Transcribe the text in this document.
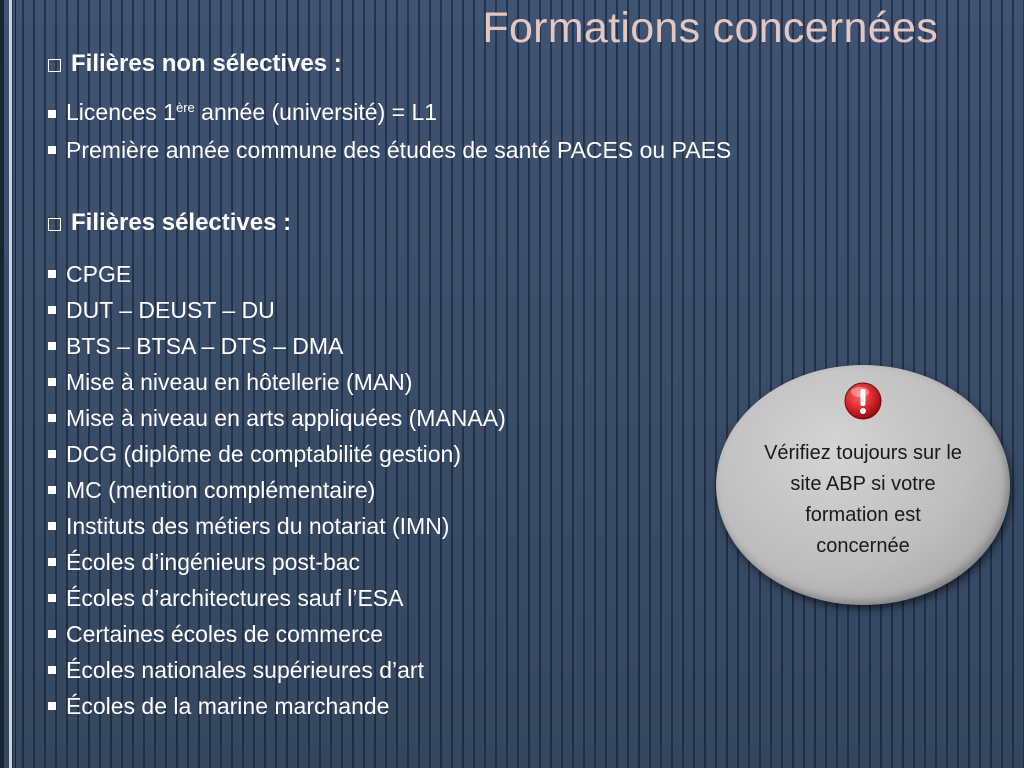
Formations concernées
Filières non sélectives :
Licences 1ère année (université) = L1
Première année commune des études de santé PACES ou PAES
Filières sélectives :
CPGE
DUT – DEUST – DU
BTS – BTSA – DTS – DMA
Mise à niveau en hôtellerie (MAN)
Mise à niveau en arts appliquées (MANAA)
DCG (diplôme de comptabilité gestion)
MC (mention complémentaire)
Instituts des métiers du notariat (IMN)
Écoles d’ingénieurs post-bac
Écoles d’architectures sauf l’ESA
Certaines écoles de commerce
Écoles nationales supérieures d’art
Écoles de la marine marchande
Vérifiez toujours sur le
site ABP si votre
formation est
concernée
